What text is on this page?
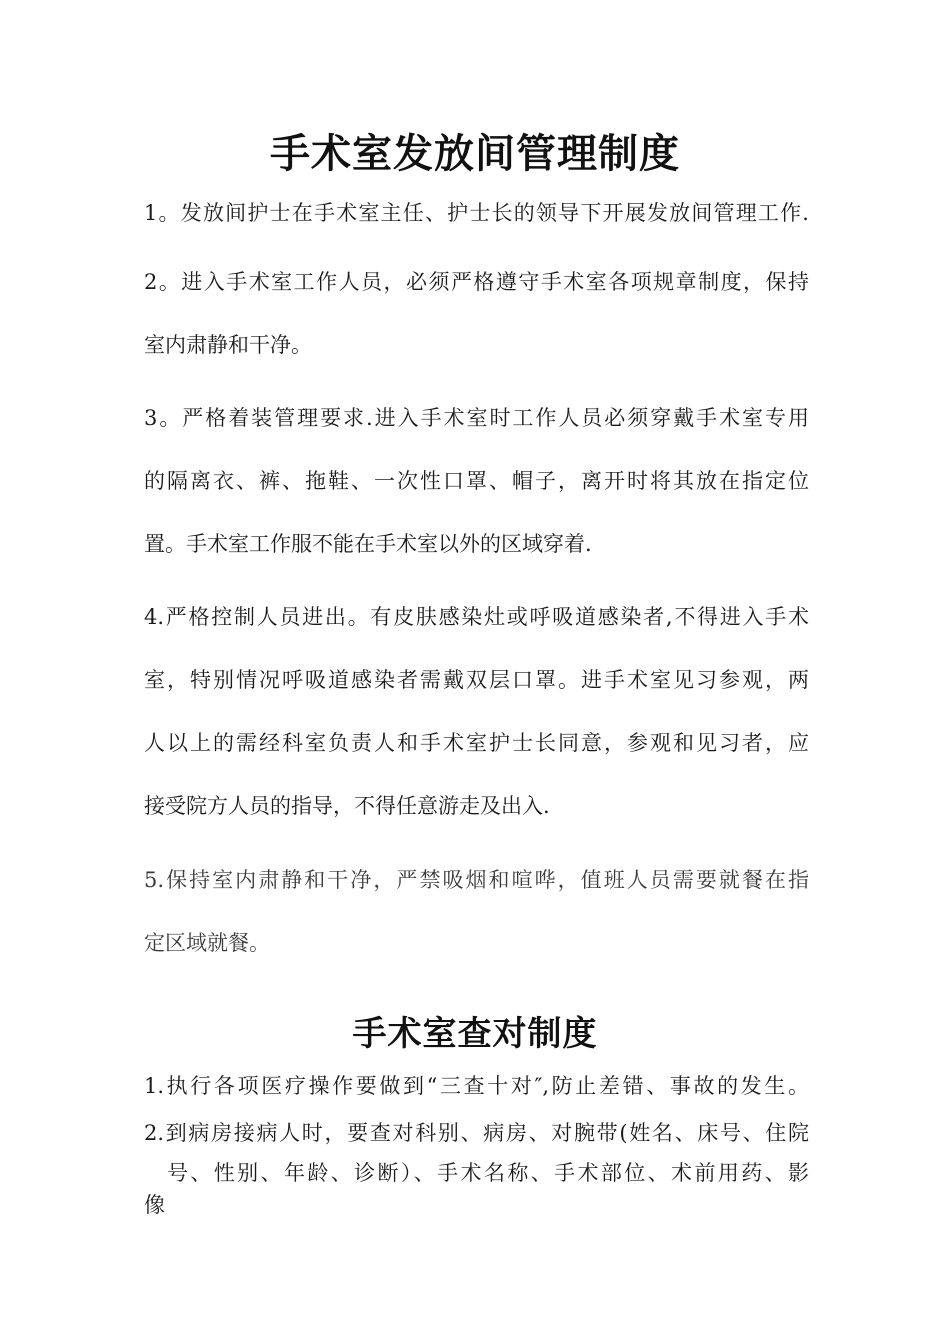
手术室发放间管理制度

1。发放间护士在手术室主任、护士长的领导下开展发放间管理工作.

2。进入手术室工作人员，必须严格遵守手术室各项规章制度，保持

室内肃静和干净。

3。严格着装管理要求.进入手术室时工作人员必须穿戴手术室专用

的隔离衣、裤、拖鞋、一次性口罩、帽子，离开时将其放在指定位

置。手术室工作服不能在手术室以外的区域穿着.

4.严格控制人员进出。有皮肤感染灶或呼吸道感染者,不得进入手术

室，特别情况呼吸道感染者需戴双层口罩。进手术室见习参观，两

人以上的需经科室负责人和手术室护士长同意，参观和见习者，应

接受院方人员的指导，不得任意游走及出入.

5.保持室内肃静和干净，严禁吸烟和喧哗，值班人员需要就餐在指

定区域就餐。

手术室查对制度

1.执行各项医疗操作要做到“三查十对″,防止差错、事故的发生。

2.到病房接病人时，要查对科别、病房、对腕带(姓名、床号、住院

号、性别、年龄、诊断）、手术名称、手术部位、术前用药、影

像
